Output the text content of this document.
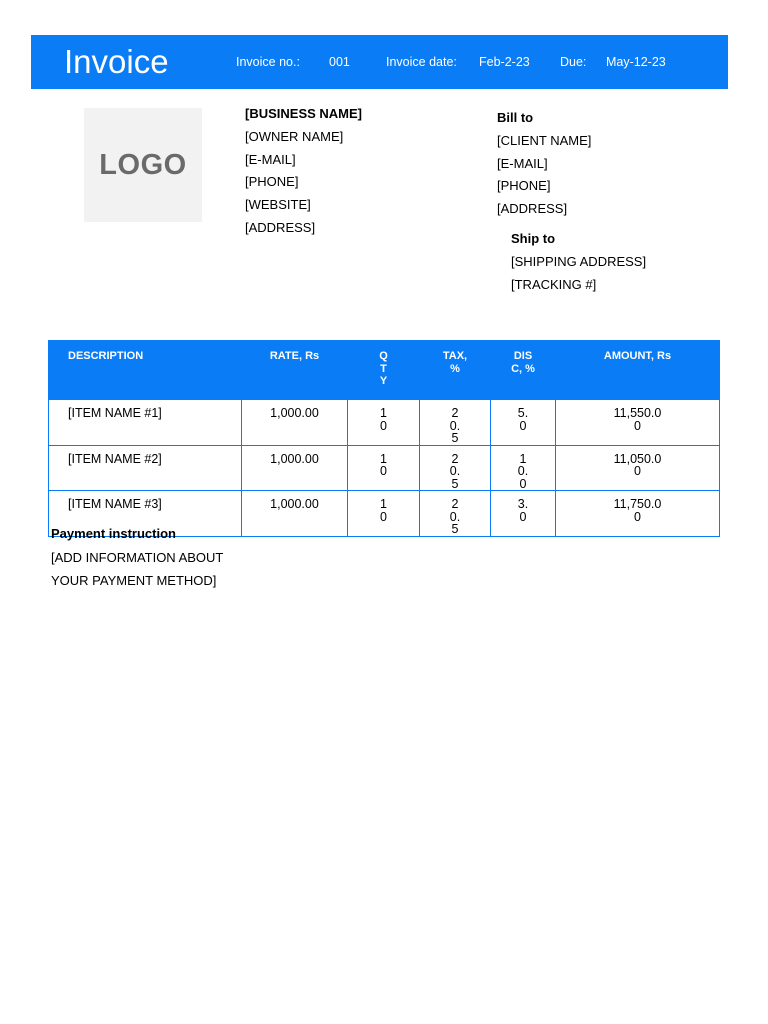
Invoice	Invoice no.: 001	Invoice date: Feb-2-23 Due: May-12-23
LOGO
[BUSINESS NAME]
[OWNER NAME]
[E-MAIL]
[PHONE]
[WEBSITE]
[ADDRESS]
Bill to
[CLIENT NAME]
[E-MAIL]
[PHONE]
[ADDRESS]
Ship to
[SHIPPING ADDRESS]
[TRACKING #]
DESCRIPTION	RATE, Rs	QTY	TAX, %	DISC, %	AMOUNT, Rs
[ITEM NAME #1]	1,000.00	10	20.5	5.0	11,550.00
[ITEM NAME #2]	1,000.00	10	20.5	10.0	11,050.00
[ITEM NAME #3]	1,000.00	10	20.5	3.0	11,750.00
Payment instruction
[ADD INFORMATION ABOUT
YOUR PAYMENT METHOD]
